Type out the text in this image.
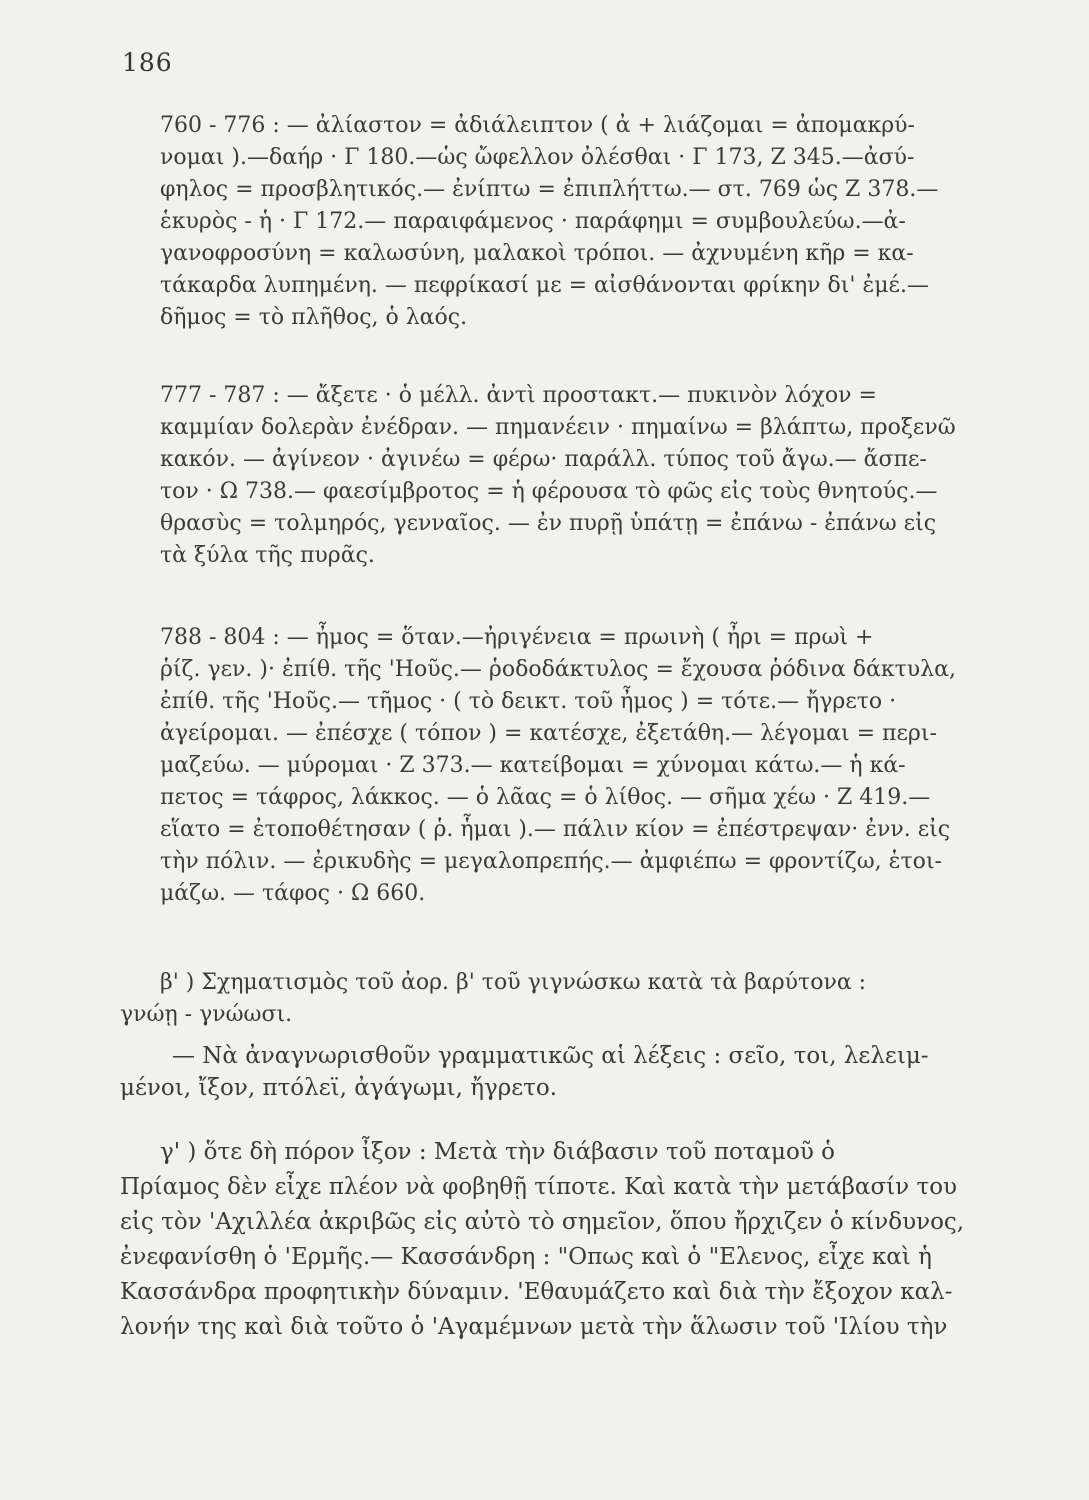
186
760 - 776 : — ἀλίαστον = ἀδιάλειπτον ( ἀ + λιάζομαι = ἀπομακρύ-
νομαι ).—δαήρ · Γ 180.—ὡς ὤφελλον ὀλέσθαι · Γ 173, Ζ 345.—ἀσύ-
φηλος = προσβλητικός.— ἐνίπτω = ἐπιπλήττω.— στ. 769 ὡς Ζ 378.—
ἑκυρὸς - ἡ · Γ 172.— παραιφάμενος · παράφημι = συμβουλεύω.—ἀ-
γανοφροσύνη = καλωσύνη, μαλακοὶ τρόποι. — ἀχνυμένη κῆρ = κα-
τάκαρδα λυπημένη. — πεφρίκασί με = αἰσθάνονται φρίκην δι' ἐμέ.—
δῆμος = τὸ πλῆθος, ὁ λαός.
777 - 787 : — ἄξετε · ὁ μέλλ. ἀντὶ προστακτ.— πυκινὸν λόχον =
καμμίαν δολερὰν ἐνέδραν. — πημανέειν · πημαίνω = βλάπτω, προξενῶ
κακόν. — ἀγίνεον · ἀγινέω = φέρω· παράλλ. τύπος τοῦ ἄγω.— ἄσπε-
τον · Ω 738.— φαεσίμβροτος = ἡ φέρουσα τὸ φῶς εἰς τοὺς θνητούς.—
θρασὺς = τολμηρός, γενναῖος. — ἐν πυρῇ ὑπάτῃ = ἐπάνω - ἐπάνω εἰς
τὰ ξύλα τῆς πυρᾶς.
788 - 804 : — ἦμος = ὅταν.—ἠριγένεια = πρωινὴ ( ἦρι = πρωὶ +
ῥίζ. γεν. )· ἐπίθ. τῆς 'Ηοῦς.— ῥοδοδάκτυλος = ἔχουσα ῥόδινα δάκτυλα,
ἐπίθ. τῆς 'Ηοῦς.— τῆμος · ( τὸ δεικτ. τοῦ ἦμος ) = τότε.— ἤγρετο ·
ἀγείρομαι. — ἐπέσχε ( τόπον ) = κατέσχε, ἐξετάθη.— λέγομαι = περι-
μαζεύω. — μύρομαι · Ζ 373.— κατείβομαι = χύνομαι κάτω.— ἡ κά-
πετος = τάφρος, λάκκος. — ὁ λᾶας = ὁ λίθος. — σῆμα χέω · Ζ 419.—
εἵατο = ἐτοποθέτησαν ( ῥ. ἧμαι ).— πάλιν κίον = ἐπέστρεψαν· ἐνν. εἰς
τὴν πόλιν. — ἐρικυδὴς = μεγαλοπρεπής.— ἀμφιέπω = φροντίζω, ἑτοι-
μάζω. — τάφος · Ω 660.
β' ) Σχηματισμὸς τοῦ ἀορ. β' τοῦ γιγνώσκω κατὰ τὰ βαρύτονα :
γνώῃ - γνώωσι.
— Νὰ ἀναγνωρισθοῦν γραμματικῶς αἱ λέξεις : σεῖο, τοι, λελειμ-
μένοι, ἴξον, πτόλεϊ, ἀγάγωμι, ἤγρετο.
γ' ) ὅτε δὴ πόρον ἶξον : Μετὰ τὴν διάβασιν τοῦ ποταμοῦ ὁ
Πρίαμος δὲν εἶχε πλέον νὰ φοβηθῇ τίποτε. Καὶ κατὰ τὴν μετάβασίν του
εἰς τὸν 'Αχιλλέα ἀκριβῶς εἰς αὐτὸ τὸ σημεῖον, ὅπου ἤρχιζεν ὁ κίνδυνος,
ἐνεφανίσθη ὁ 'Ερμῆς.— Κασσάνδρη : "Οπως καὶ ὁ "Ελενος, εἶχε καὶ ἡ
Κασσάνδρα προφητικὴν δύναμιν. 'Εθαυμάζετο καὶ διὰ τὴν ἔξοχον καλ-
λονήν της καὶ διὰ τοῦτο ὁ 'Αγαμέμνων μετὰ τὴν ἅλωσιν τοῦ 'Ιλίου τὴν
